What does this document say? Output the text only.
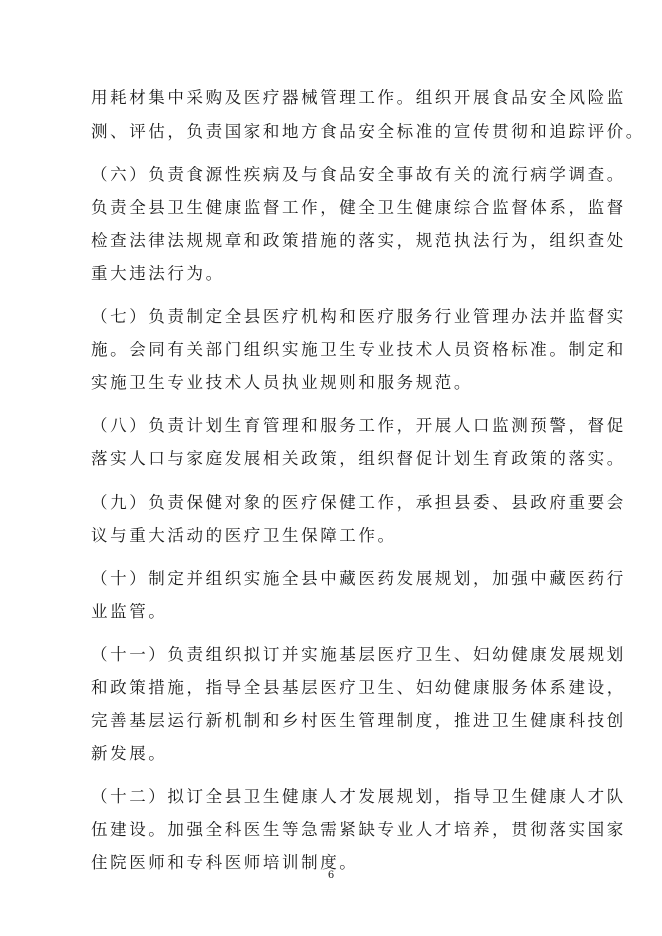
用耗材集中采购及医疗器械管理工作。组织开展食品安全风险监
测、评估，负责国家和地方食品安全标准的宣传贯彻和追踪评价。
（六）负责食源性疾病及与食品安全事故有关的流行病学调查。
负责全县卫生健康监督工作，健全卫生健康综合监督体系，监督
检查法律法规规章和政策措施的落实，规范执法行为，组织查处
重大违法行为。
（七）负责制定全县医疗机构和医疗服务行业管理办法并监督实
施。会同有关部门组织实施卫生专业技术人员资格标准。制定和
实施卫生专业技术人员执业规则和服务规范。
（八）负责计划生育管理和服务工作，开展人口监测预警，督促
落实人口与家庭发展相关政策，组织督促计划生育政策的落实。
（九）负责保健对象的医疗保健工作，承担县委、县政府重要会
议与重大活动的医疗卫生保障工作。
（十）制定并组织实施全县中藏医药发展规划，加强中藏医药行
业监管。
（十一）负责组织拟订并实施基层医疗卫生、妇幼健康发展规划
和政策措施，指导全县基层医疗卫生、妇幼健康服务体系建设，
完善基层运行新机制和乡村医生管理制度，推进卫生健康科技创
新发展。
（十二）拟订全县卫生健康人才发展规划，指导卫生健康人才队
伍建设。加强全科医生等急需紧缺专业人才培养，贯彻落实国家
住院医师和专科医师培训制度。
6
